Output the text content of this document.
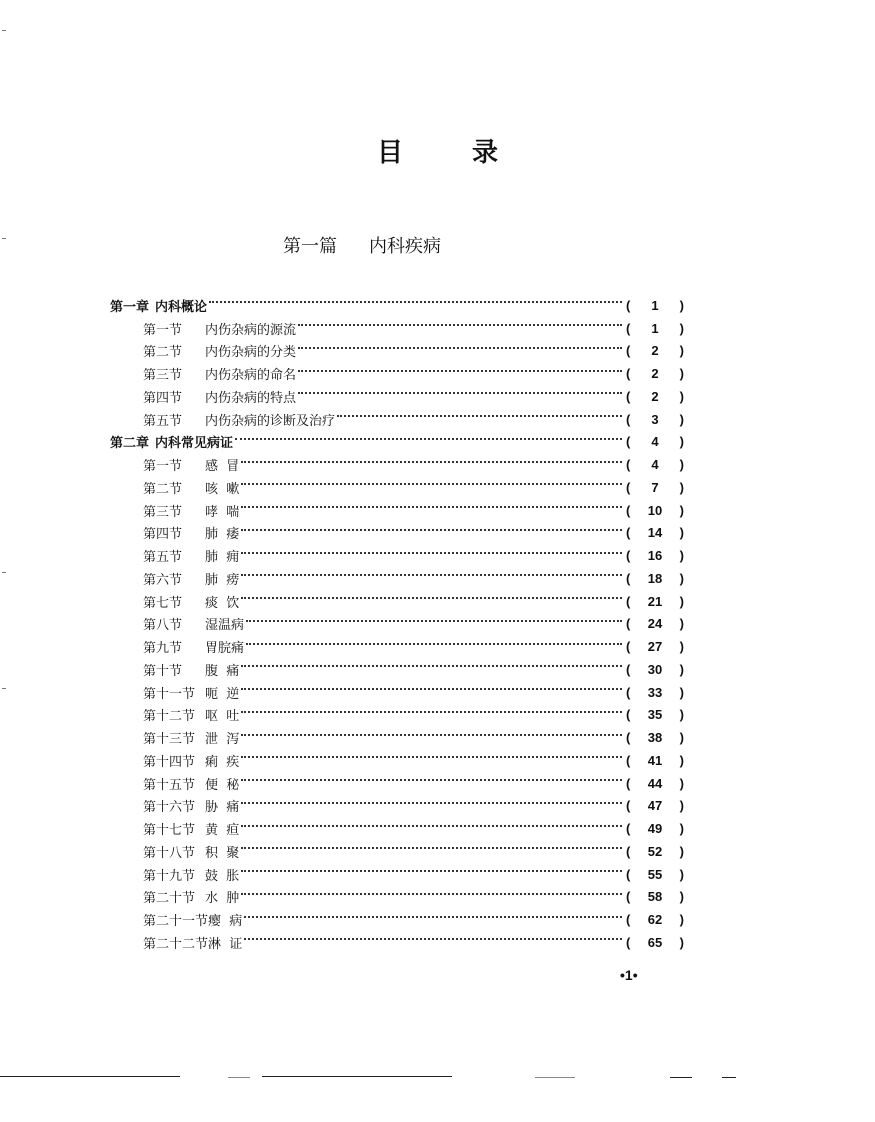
目 录
第一篇 内科疾病
第一章 内科概论	(	1	)
第一节	内伤杂病的源流	(	1	)
第二节	内伤杂病的分类	(	2	)
第三节	内伤杂病的命名	(	2	)
第四节	内伤杂病的特点	(	2	)
第五节	内伤杂病的诊断及治疗	(	3	)
第二章 内科常见病证	(	4	)
第一节	感  冒	(	4	)
第二节	咳  嗽	(	7	)
第三节	哮  喘	(	10	)
第四节	肺  痿	(	14	)
第五节	肺  痈	(	16	)
第六节	肺  痨	(	18	)
第七节	痰  饮	(	21	)
第八节	湿温病	(	24	)
第九节	胃脘痛	(	27	)
第十节	腹  痛	(	30	)
第十一节 呃  逆	(	33	)
第十二节 呕  吐	(	35	)
第十三节 泄  泻	(	38	)
第十四节 痢  疾	(	41	)
第十五节 便  秘	(	44	)
第十六节 胁  痛	(	47	)
第十七节 黄  疸	(	49	)
第十八节 积  聚	(	52	)
第十九节 鼓  胀	(	55	)
第二十节 水  肿	(	58	)
第二十一节 瘿  病	(	62	)
第二十二节 淋  证	(	65	)
•1•
